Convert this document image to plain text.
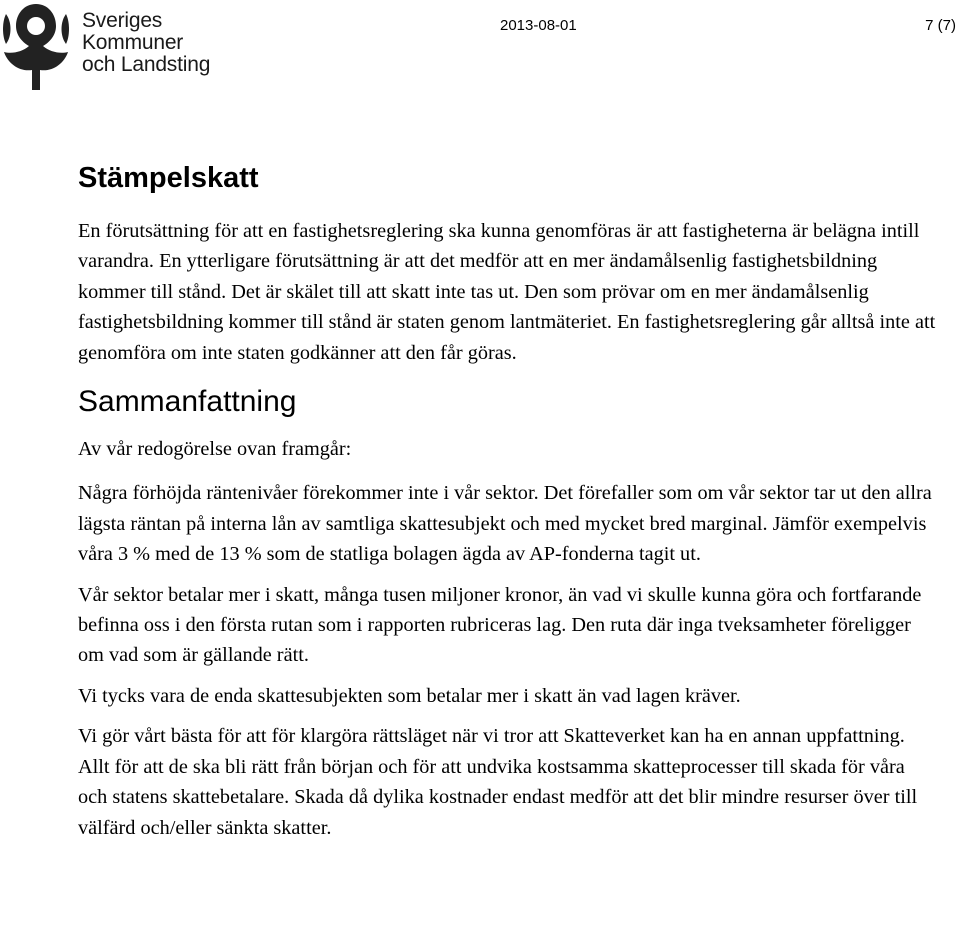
Sveriges
Kommuner
och Landsting
2013-08-01	7 (7)
Stämpelskatt

En förutsättning för att en fastighetsreglering ska kunna genomföras är att fastigheterna är belägna intill varandra. En ytterligare förutsättning är att det medför att en mer ändamålsenlig fastighetsbildning kommer till stånd. Det är skälet till att skatt inte tas ut. Den som prövar om en mer ändamålsenlig fastighetsbildning kommer till stånd är staten genom lantmäteriet. En fastighetsreglering går alltså inte att genomföra om inte staten godkänner att den får göras.

Sammanfattning

Av vår redogörelse ovan framgår:

Några förhöjda räntenivåer förekommer inte i vår sektor. Det förefaller som om vår sektor tar ut den allra lägsta räntan på interna lån av samtliga skattesubjekt och med mycket bred marginal. Jämför exempelvis våra 3 % med de 13 % som de statliga bolagen ägda av AP-fonderna tagit ut.

Vår sektor betalar mer i skatt, många tusen miljoner kronor, än vad vi skulle kunna göra och fortfarande befinna oss i den första rutan som i rapporten rubriceras lag. Den ruta där inga tveksamheter föreligger om vad som är gällande rätt.

Vi tycks vara de enda skattesubjekten som betalar mer i skatt än vad lagen kräver.

Vi gör vårt bästa för att för klargöra rättsläget när vi tror att Skatteverket kan ha en annan uppfattning. Allt för att de ska bli rätt från början och för att undvika kostsamma skatteprocesser till skada för våra och statens skattebetalare. Skada då dylika kostnader endast medför att det blir mindre resurser över till välfärd och/eller sänkta skatter.
